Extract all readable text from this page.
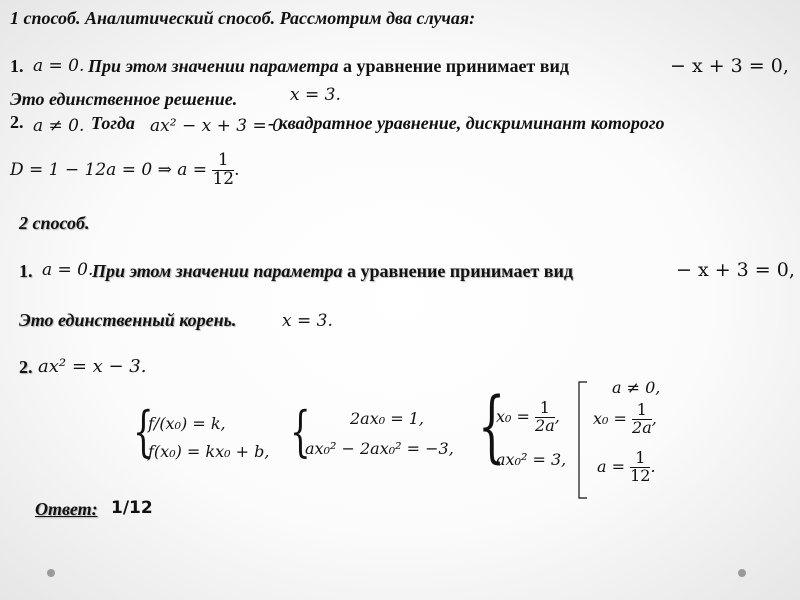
1 способ. Аналитический способ. Рассмотрим два случая:
1. a = 0. При этом значении параметра а уравнение принимает вид	− x + 3 = 0,
Это единственное решение.	x = 3.
2. a ≠ 0. Тогда ax² − x + 3 = 0
- квадратное уравнение, дискриминант которого
D = 1 − 12a = 0 ⇒ $a = \frac{1}{12}$ .
2 способ.
1. a = 0.
При этом значении параметра а уравнение принимает вид	− x + 3 = 0,
Это единственный корень.	x = 3.
2. ax² = x − 3.
{
f/(x₀) = k,
f(x₀) = kx₀ + b, { 2ax₀ = 1,
ax₀² − 2ax₀² = −3, {
$x_0 = \frac{1}{2a}$ ,
ax₀² = 3,
a ≠ 0,
$x_0 = \frac{1}{2a}$ ,
$a = \frac{1}{12}$ .
Ответ: 1/12
